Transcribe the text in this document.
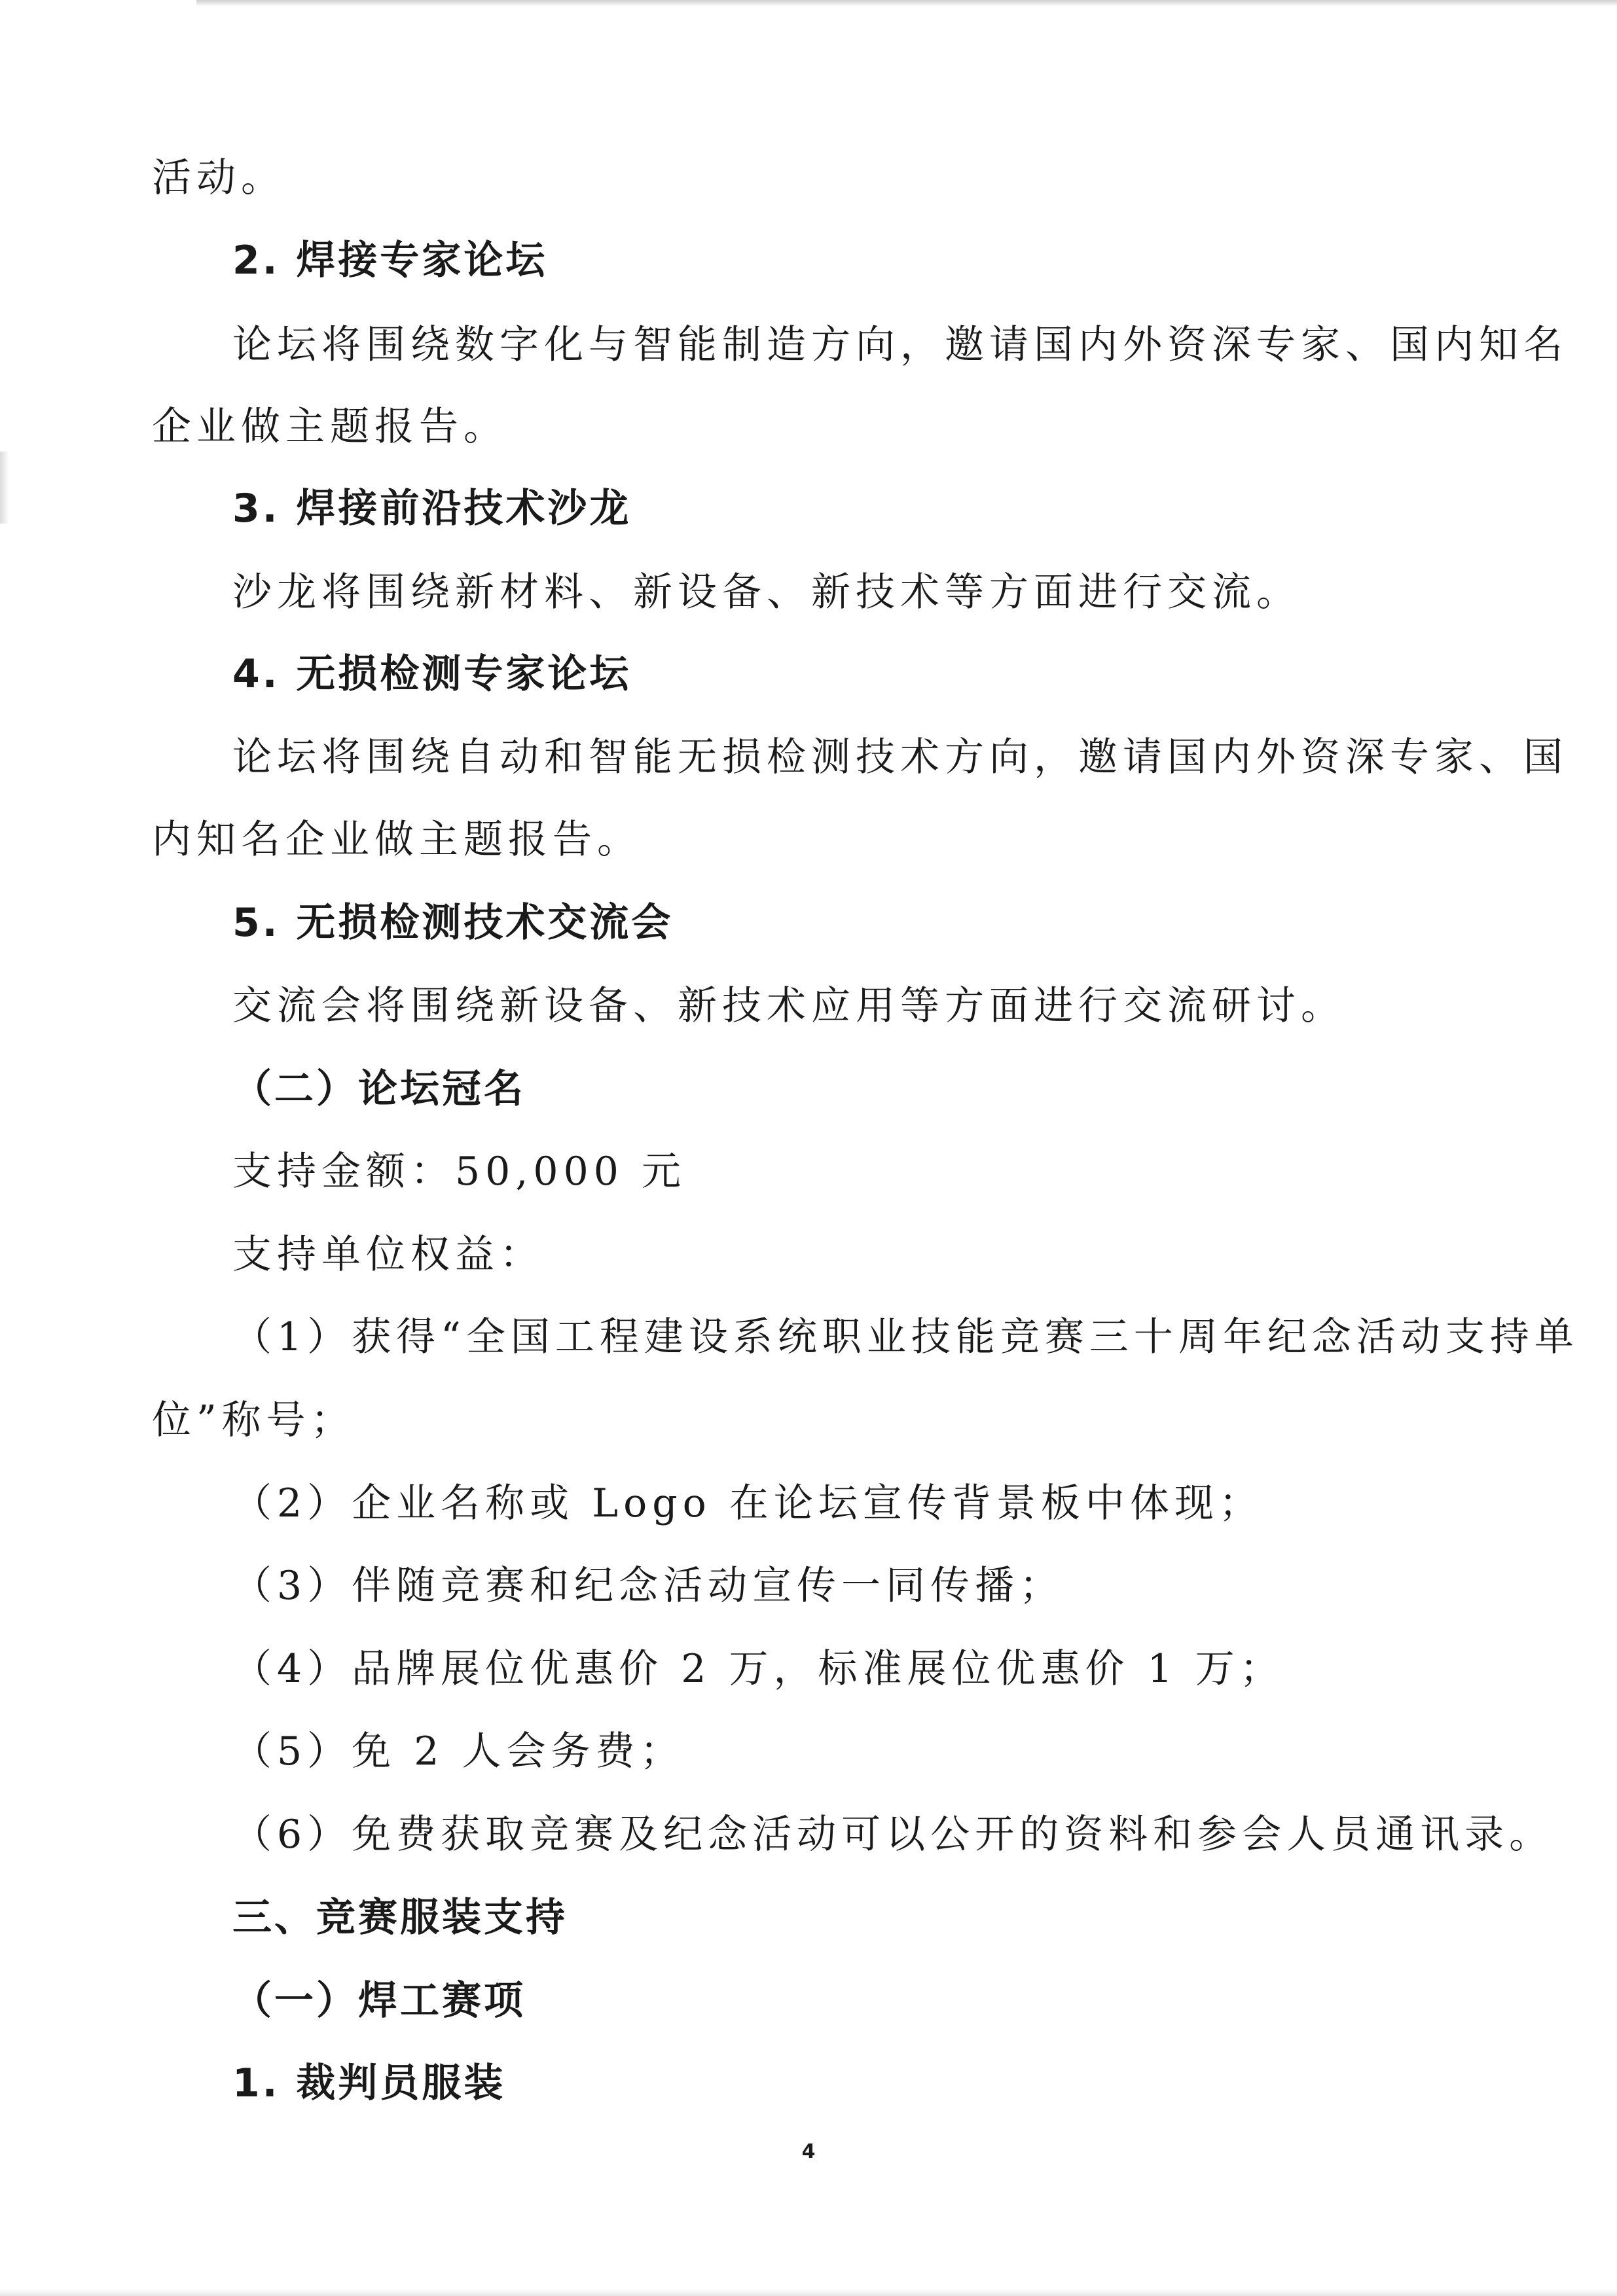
活动。
2. 焊接专家论坛
论坛将围绕数字化与智能制造方向，邀请国内外资深专家、国内知名
企业做主题报告。
3. 焊接前沿技术沙龙
沙龙将围绕新材料、新设备、新技术等方面进行交流。
4. 无损检测专家论坛
论坛将围绕自动和智能无损检测技术方向，邀请国内外资深专家、国
内知名企业做主题报告。
5. 无损检测技术交流会
交流会将围绕新设备、新技术应用等方面进行交流研讨。
（二）论坛冠名
支持金额：50,000 元
支持单位权益：
（1）获得“全国工程建设系统职业技能竞赛三十周年纪念活动支持单
位”称号；
（2）企业名称或 Logo 在论坛宣传背景板中体现；
（3）伴随竞赛和纪念活动宣传一同传播；
（4）品牌展位优惠价 2 万，标准展位优惠价 1 万；
（5）免 2 人会务费；
（6）免费获取竞赛及纪念活动可以公开的资料和参会人员通讯录。
三、竞赛服装支持
（一）焊工赛项
1. 裁判员服装
4
